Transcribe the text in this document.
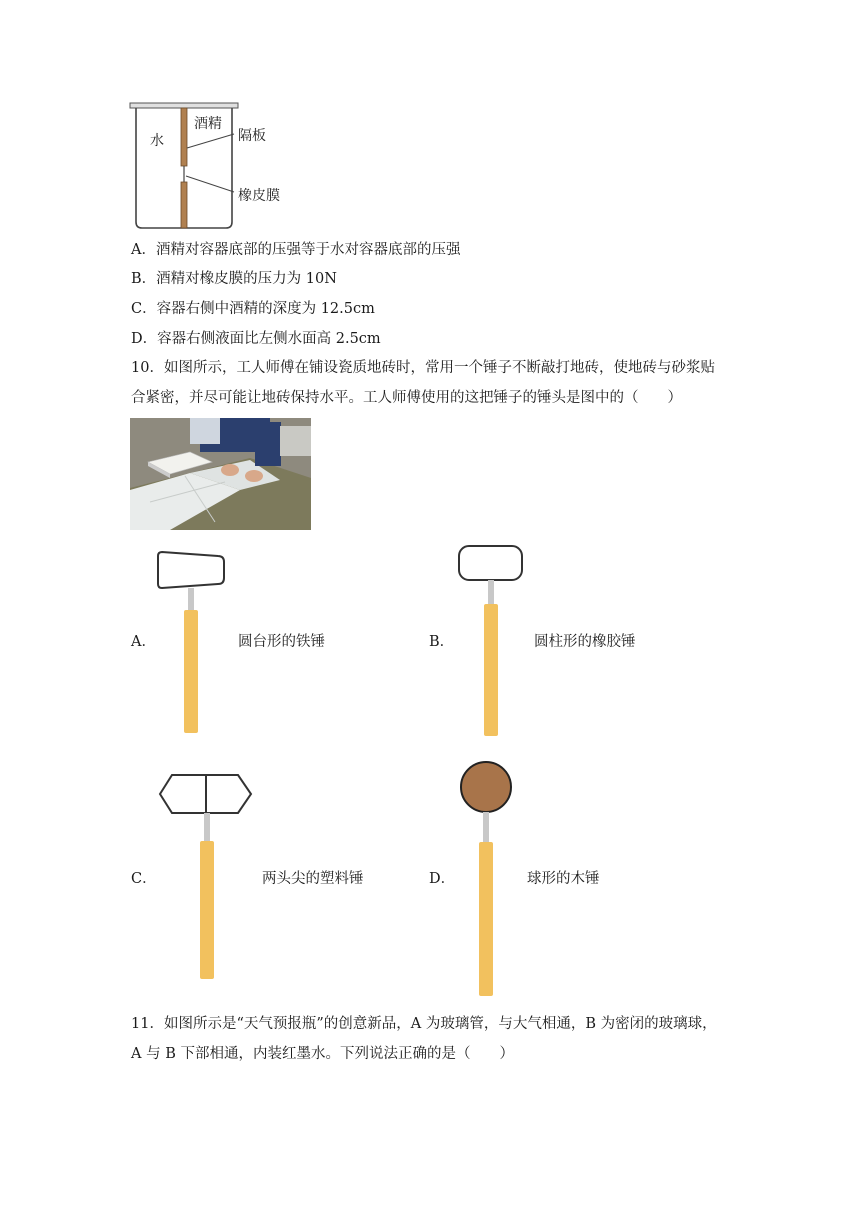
水
酒精
隔板
橡皮膜
A．酒精对容器底部的压强等于水对容器底部的压强
B．酒精对橡皮膜的压力为 10N
C．容器右侧中酒精的深度为 12.5cm
D．容器右侧液面比左侧水面高 2.5cm
10．如图所示，工人师傅在铺设瓷质地砖时，常用一个锤子不断敲打地砖，使地砖与砂浆贴
合紧密，并尽可能让地砖保持水平。工人师傅使用的这把锤子的锤头是图中的（　　）
A．	圆台形的铁锤	B．	圆柱形的橡胶锤
C．	两头尖的塑料锤	D．	球形的木锤
11．如图所示是“天气预报瓶”的创意新品，A 为玻璃管，与大气相通，B 为密闭的玻璃球，
A 与 B 下部相通，内装红墨水。下列说法正确的是（　　）
